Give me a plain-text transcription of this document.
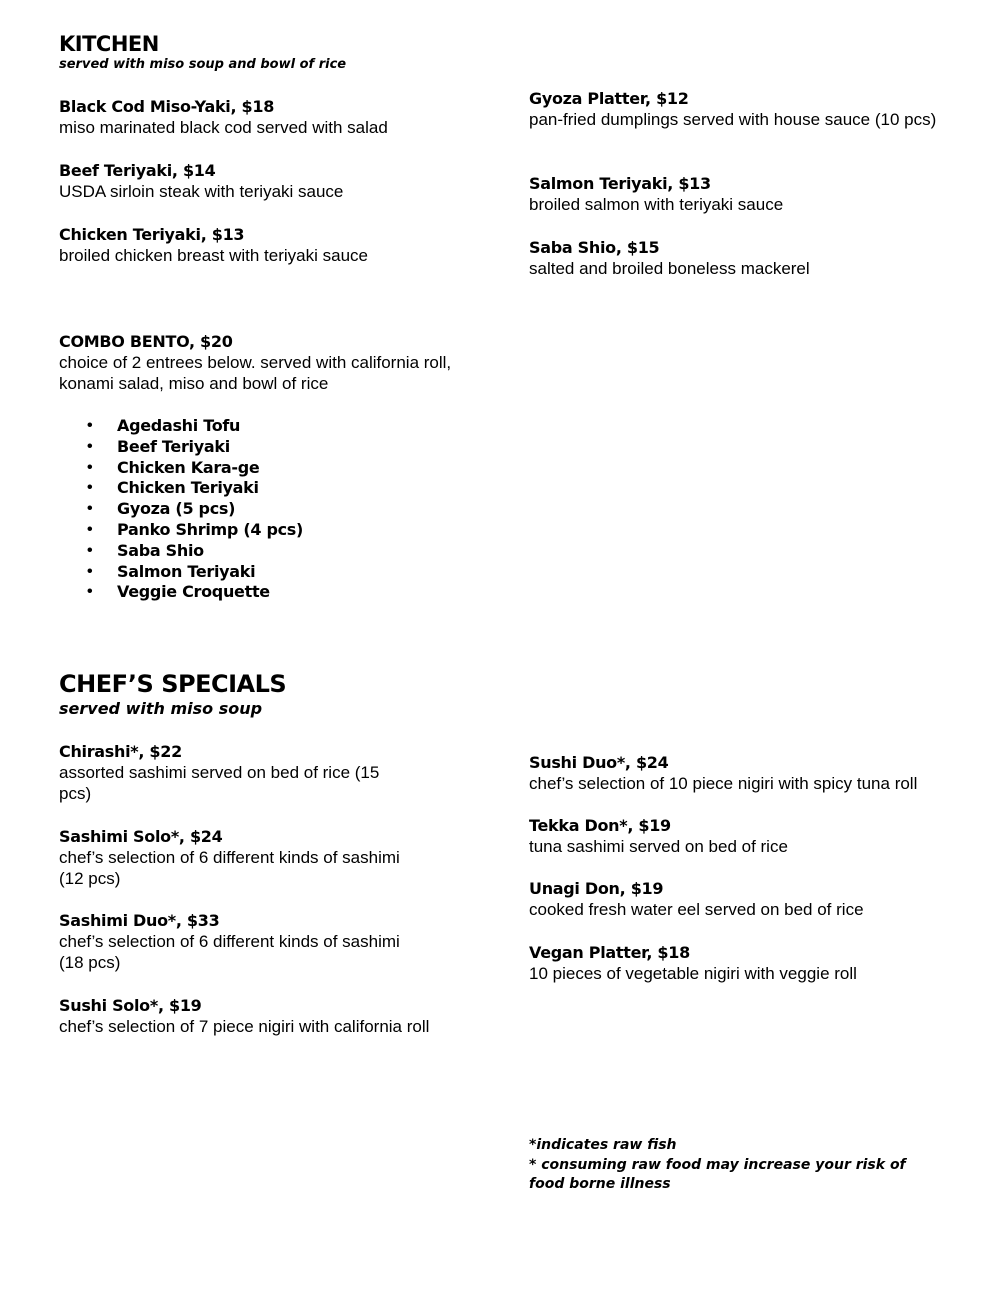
KITCHEN
served with miso soup and bowl of rice
Black Cod Miso-Yaki, $18
miso marinated black cod served with salad
Beef Teriyaki, $14
USDA sirloin steak with teriyaki sauce
Chicken Teriyaki, $13
broiled chicken breast with teriyaki sauce
Gyoza Platter, $12
pan-fried dumplings served with house sauce (10 pcs)
Salmon Teriyaki, $13
broiled salmon with teriyaki sauce
Saba Shio, $15
salted and broiled boneless mackerel
COMBO BENTO, $20
choice of 2 entrees below. served with california roll, konami salad, miso and bowl of rice
• Agedashi Tofu
• Beef Teriyaki
• Chicken Kara-ge
• Chicken Teriyaki
• Gyoza (5 pcs)
• Panko Shrimp (4 pcs)
• Saba Shio
• Salmon Teriyaki
• Veggie Croquette
CHEF’S SPECIALS
served with miso soup
Chirashi*, $22
assorted sashimi served on bed of rice (15 pcs)
Sashimi Solo*, $24
chef’s selection of 6 different kinds of sashimi (12 pcs)
Sashimi Duo*, $33
chef’s selection of 6 different kinds of sashimi (18 pcs)
Sushi Solo*, $19
chef’s selection of 7 piece nigiri with california roll
Sushi Duo*, $24
chef’s selection of 10 piece nigiri with spicy tuna roll
Tekka Don*, $19
tuna sashimi served on bed of rice
Unagi Don, $19
cooked fresh water eel served on bed of rice
Vegan Platter, $18
10 pieces of vegetable nigiri with veggie roll
*indicates raw fish
* consuming raw food may increase your risk of food borne illness
